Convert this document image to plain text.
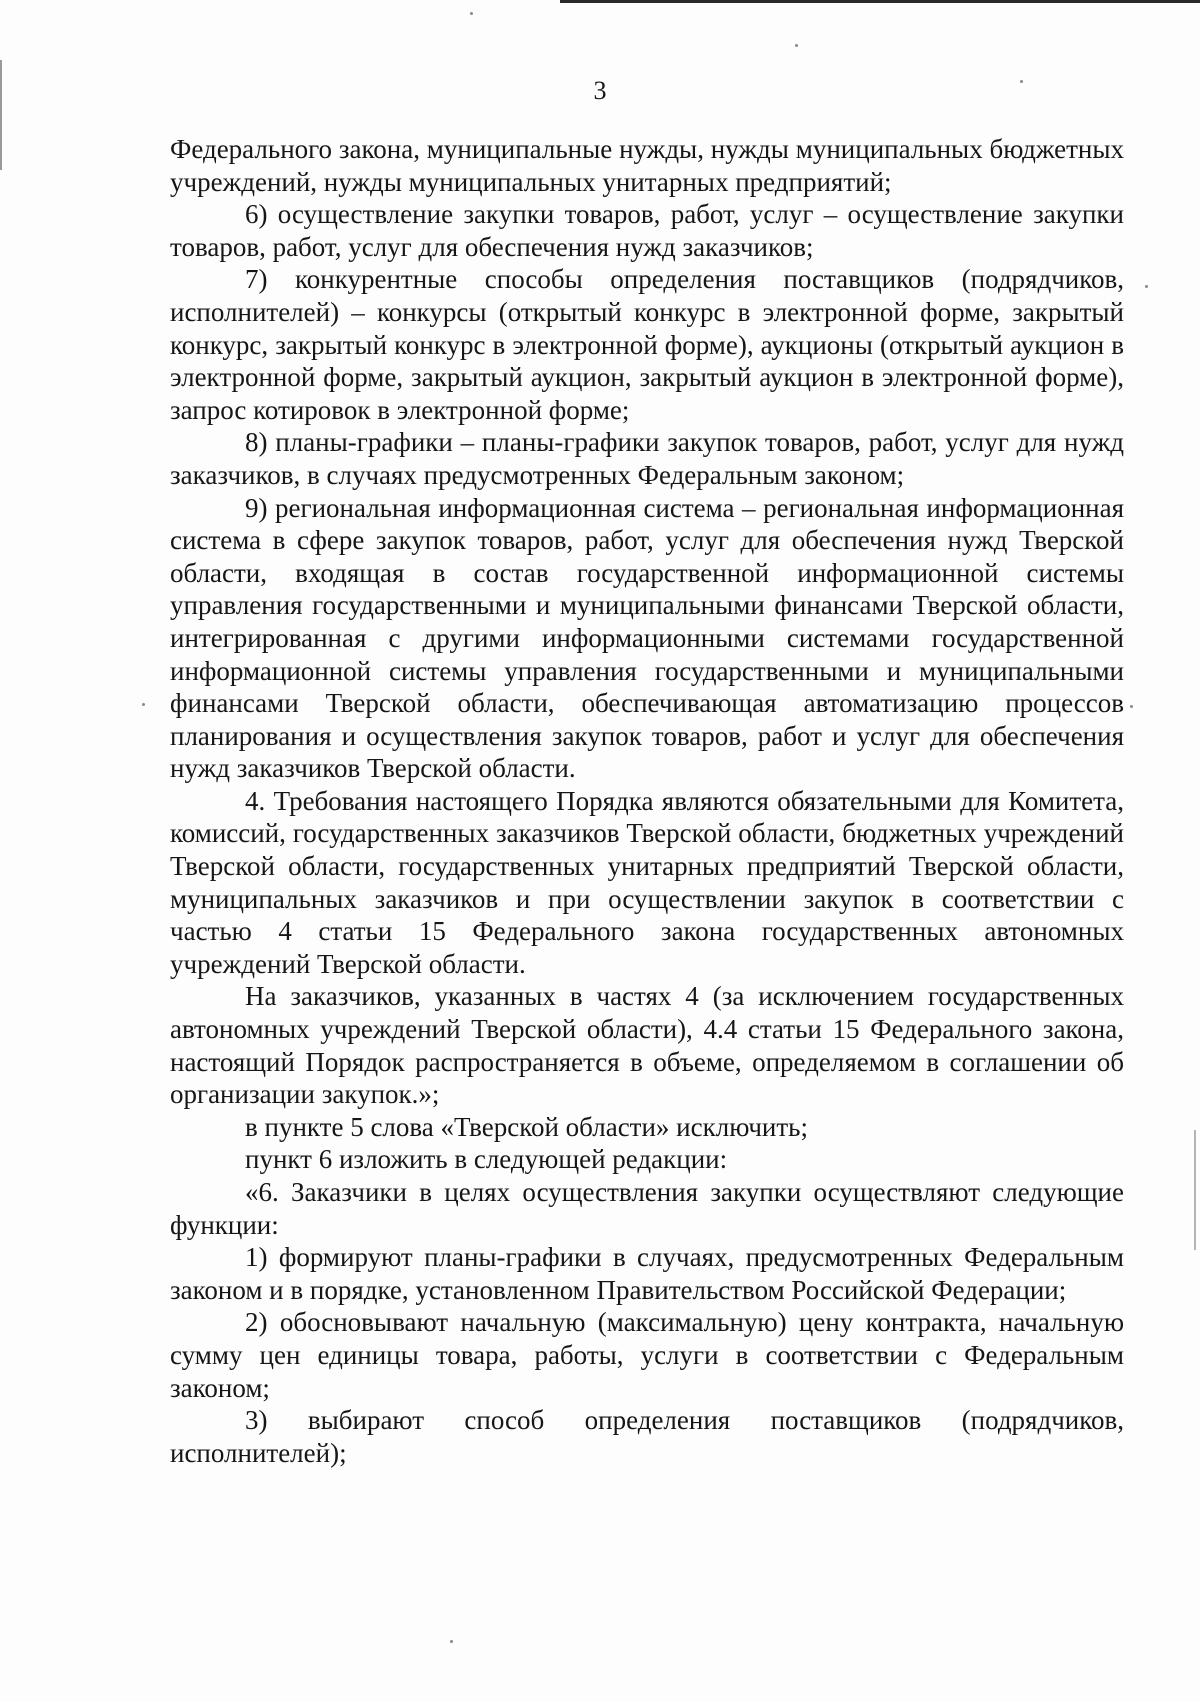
3

Федерального закона, муниципальные нужды, нужды муниципальных бюджетных учреждений, нужды муниципальных унитарных предприятий;

6) осуществление закупки товаров, работ, услуг – осуществление закупки товаров, работ, услуг для обеспечения нужд заказчиков;

7) конкурентные способы определения поставщиков (подрядчиков, исполнителей) – конкурсы (открытый конкурс в электронной форме, закрытый конкурс, закрытый конкурс в электронной форме), аукционы (открытый аукцион в электронной форме, закрытый аукцион, закрытый аукцион в электронной форме), запрос котировок в электронной форме;

8) планы-графики – планы-графики закупок товаров, работ, услуг для нужд заказчиков, в случаях предусмотренных Федеральным законом;

9) региональная информационная система – региональная информационная система в сфере закупок товаров, работ, услуг для обеспечения нужд Тверской области, входящая в состав государственной информационной системы управления государственными и муниципальными финансами Тверской области, интегрированная с другими информационными системами государственной информационной системы управления государственными и муниципальными финансами Тверской области, обеспечивающая автоматизацию процессов планирования и осуществления закупок товаров, работ и услуг для обеспечения нужд заказчиков Тверской области.

4. Требования настоящего Порядка являются обязательными для Комитета, комиссий, государственных заказчиков Тверской области, бюджетных учреждений Тверской области, государственных унитарных предприятий Тверской области, муниципальных заказчиков и при осуществлении закупок в соответствии с частью 4 статьи 15 Федерального закона государственных автономных учреждений Тверской области.

На заказчиков, указанных в частях 4 (за исключением государственных автономных учреждений Тверской области), 4.4 статьи 15 Федерального закона, настоящий Порядок распространяется в объеме, определяемом в соглашении об организации закупок.»;

в пункте 5 слова «Тверской области» исключить;

пункт 6 изложить в следующей редакции:

«6. Заказчики в целях осуществления закупки осуществляют следующие функции:

1) формируют планы-графики в случаях, предусмотренных Федеральным законом и в порядке, установленном Правительством Российской Федерации;

2) обосновывают начальную (максимальную) цену контракта, начальную сумму цен единицы товара, работы, услуги в соответствии с Федеральным законом;

3) выбирают способ определения поставщиков (подрядчиков, исполнителей);
